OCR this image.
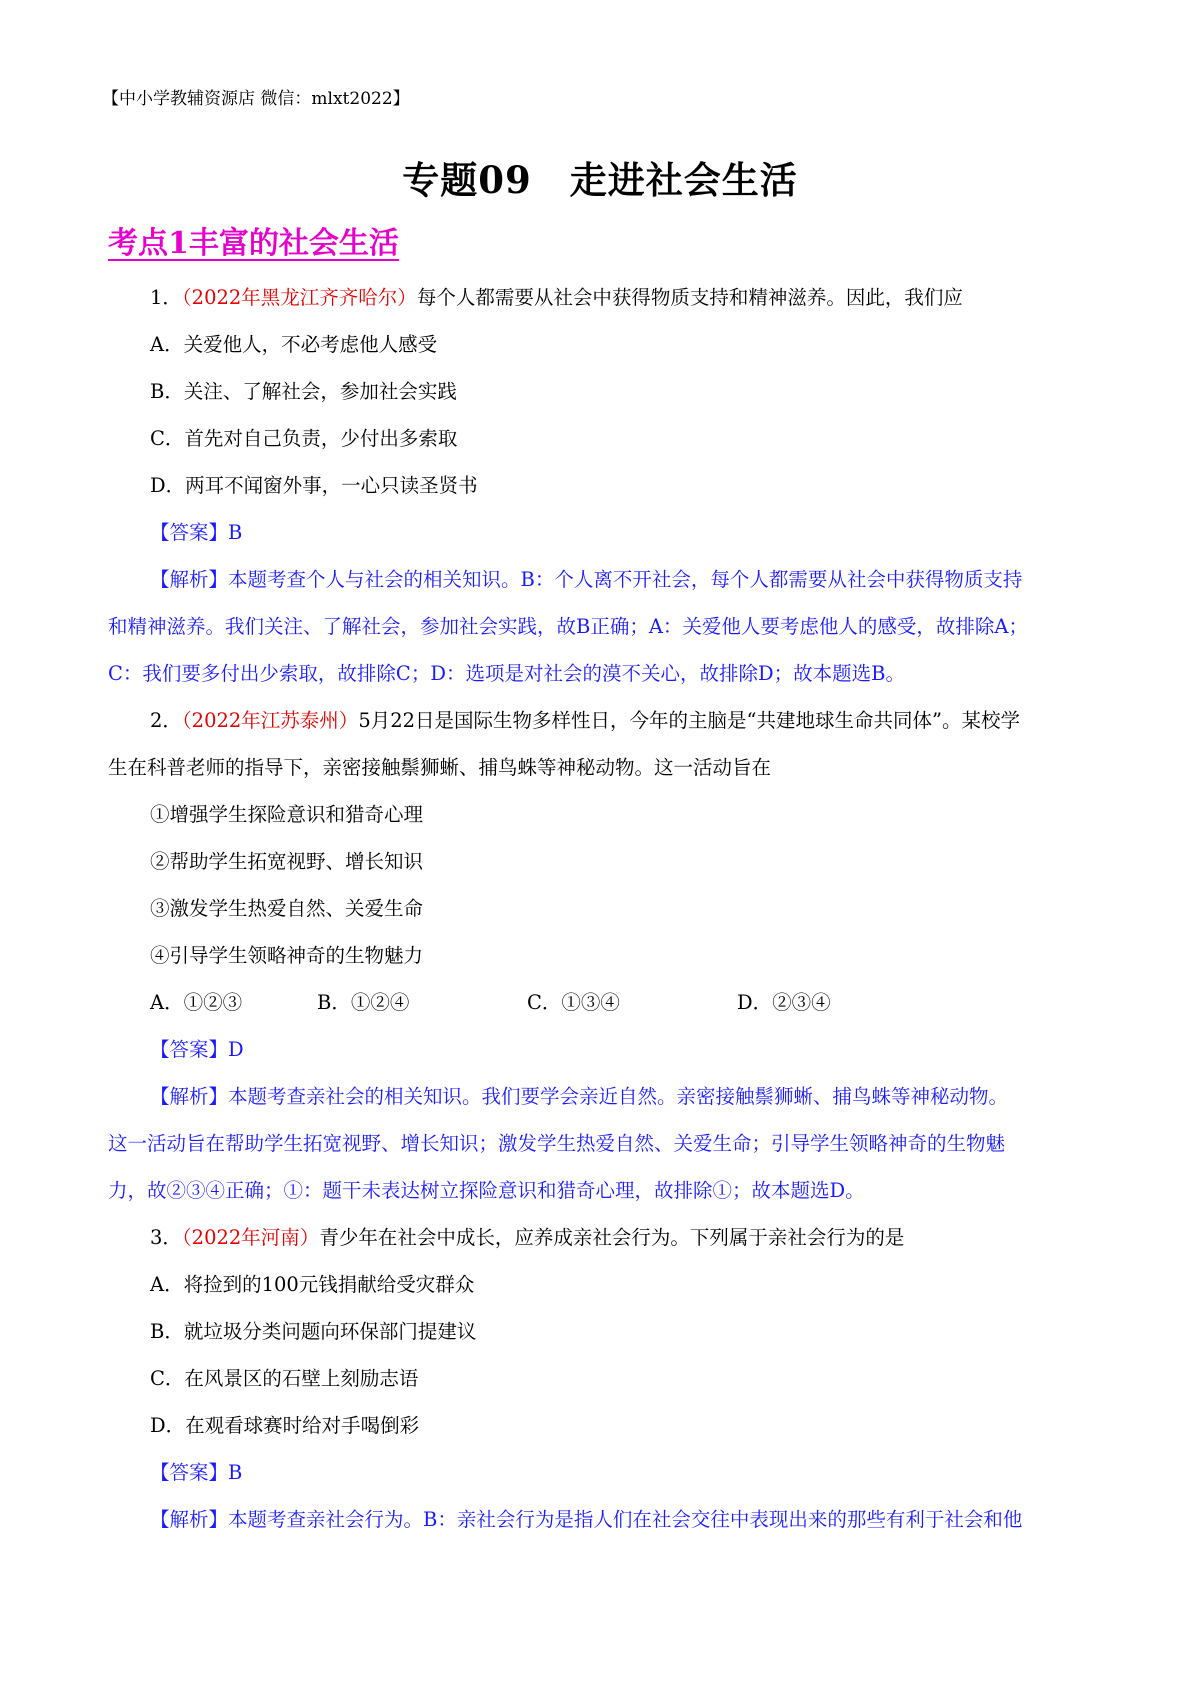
【中小学教辅资源店 微信：mlxt2022】
专题09　走进社会生活
考点1丰富的社会生活
1．（2022年黑龙江齐齐哈尔）每个人都需要从社会中获得物质支持和精神滋养。因此，我们应
A．关爱他人，不必考虑他人感受
B．关注、了解社会，参加社会实践
C．首先对自己负责，少付出多索取
D．两耳不闻窗外事，一心只读圣贤书
【答案】B
【解析】本题考查个人与社会的相关知识。B：个人离不开社会，每个人都需要从社会中获得物质支持
和精神滋养。我们关注、了解社会，参加社会实践，故B正确；A：关爱他人要考虑他人的感受，故排除A；
C：我们要多付出少索取，故排除C；D：选项是对社会的漠不关心，故排除D；故本题选B。
2．（2022年江苏泰州）5月22日是国际生物多样性日，今年的主脑是“共建地球生命共同体”。某校学
生在科普老师的指导下，亲密接触鬃狮蜥、捕鸟蛛等神秘动物。这一活动旨在
①增强学生探险意识和猎奇心理
②帮助学生拓宽视野、增长知识
③激发学生热爱自然、关爱生命
④引导学生领略神奇的生物魅力
A．①②③	B．①②④	C．①③④	D．②③④
【答案】D
【解析】本题考查亲社会的相关知识。我们要学会亲近自然。亲密接触鬃狮蜥、捕鸟蛛等神秘动物。
这一活动旨在帮助学生拓宽视野、增长知识；激发学生热爱自然、关爱生命；引导学生领略神奇的生物魅
力，故②③④正确；①：题干未表达树立探险意识和猎奇心理，故排除①；故本题选D。
3．（2022年河南）青少年在社会中成长，应养成亲社会行为。下列属于亲社会行为的是
A．将捡到的100元钱捐献给受灾群众
B．就垃圾分类问题向环保部门提建议
C．在风景区的石壁上刻励志语
D．在观看球赛时给对手喝倒彩
【答案】B
【解析】本题考查亲社会行为。B：亲社会行为是指人们在社会交往中表现出来的那些有利于社会和他
